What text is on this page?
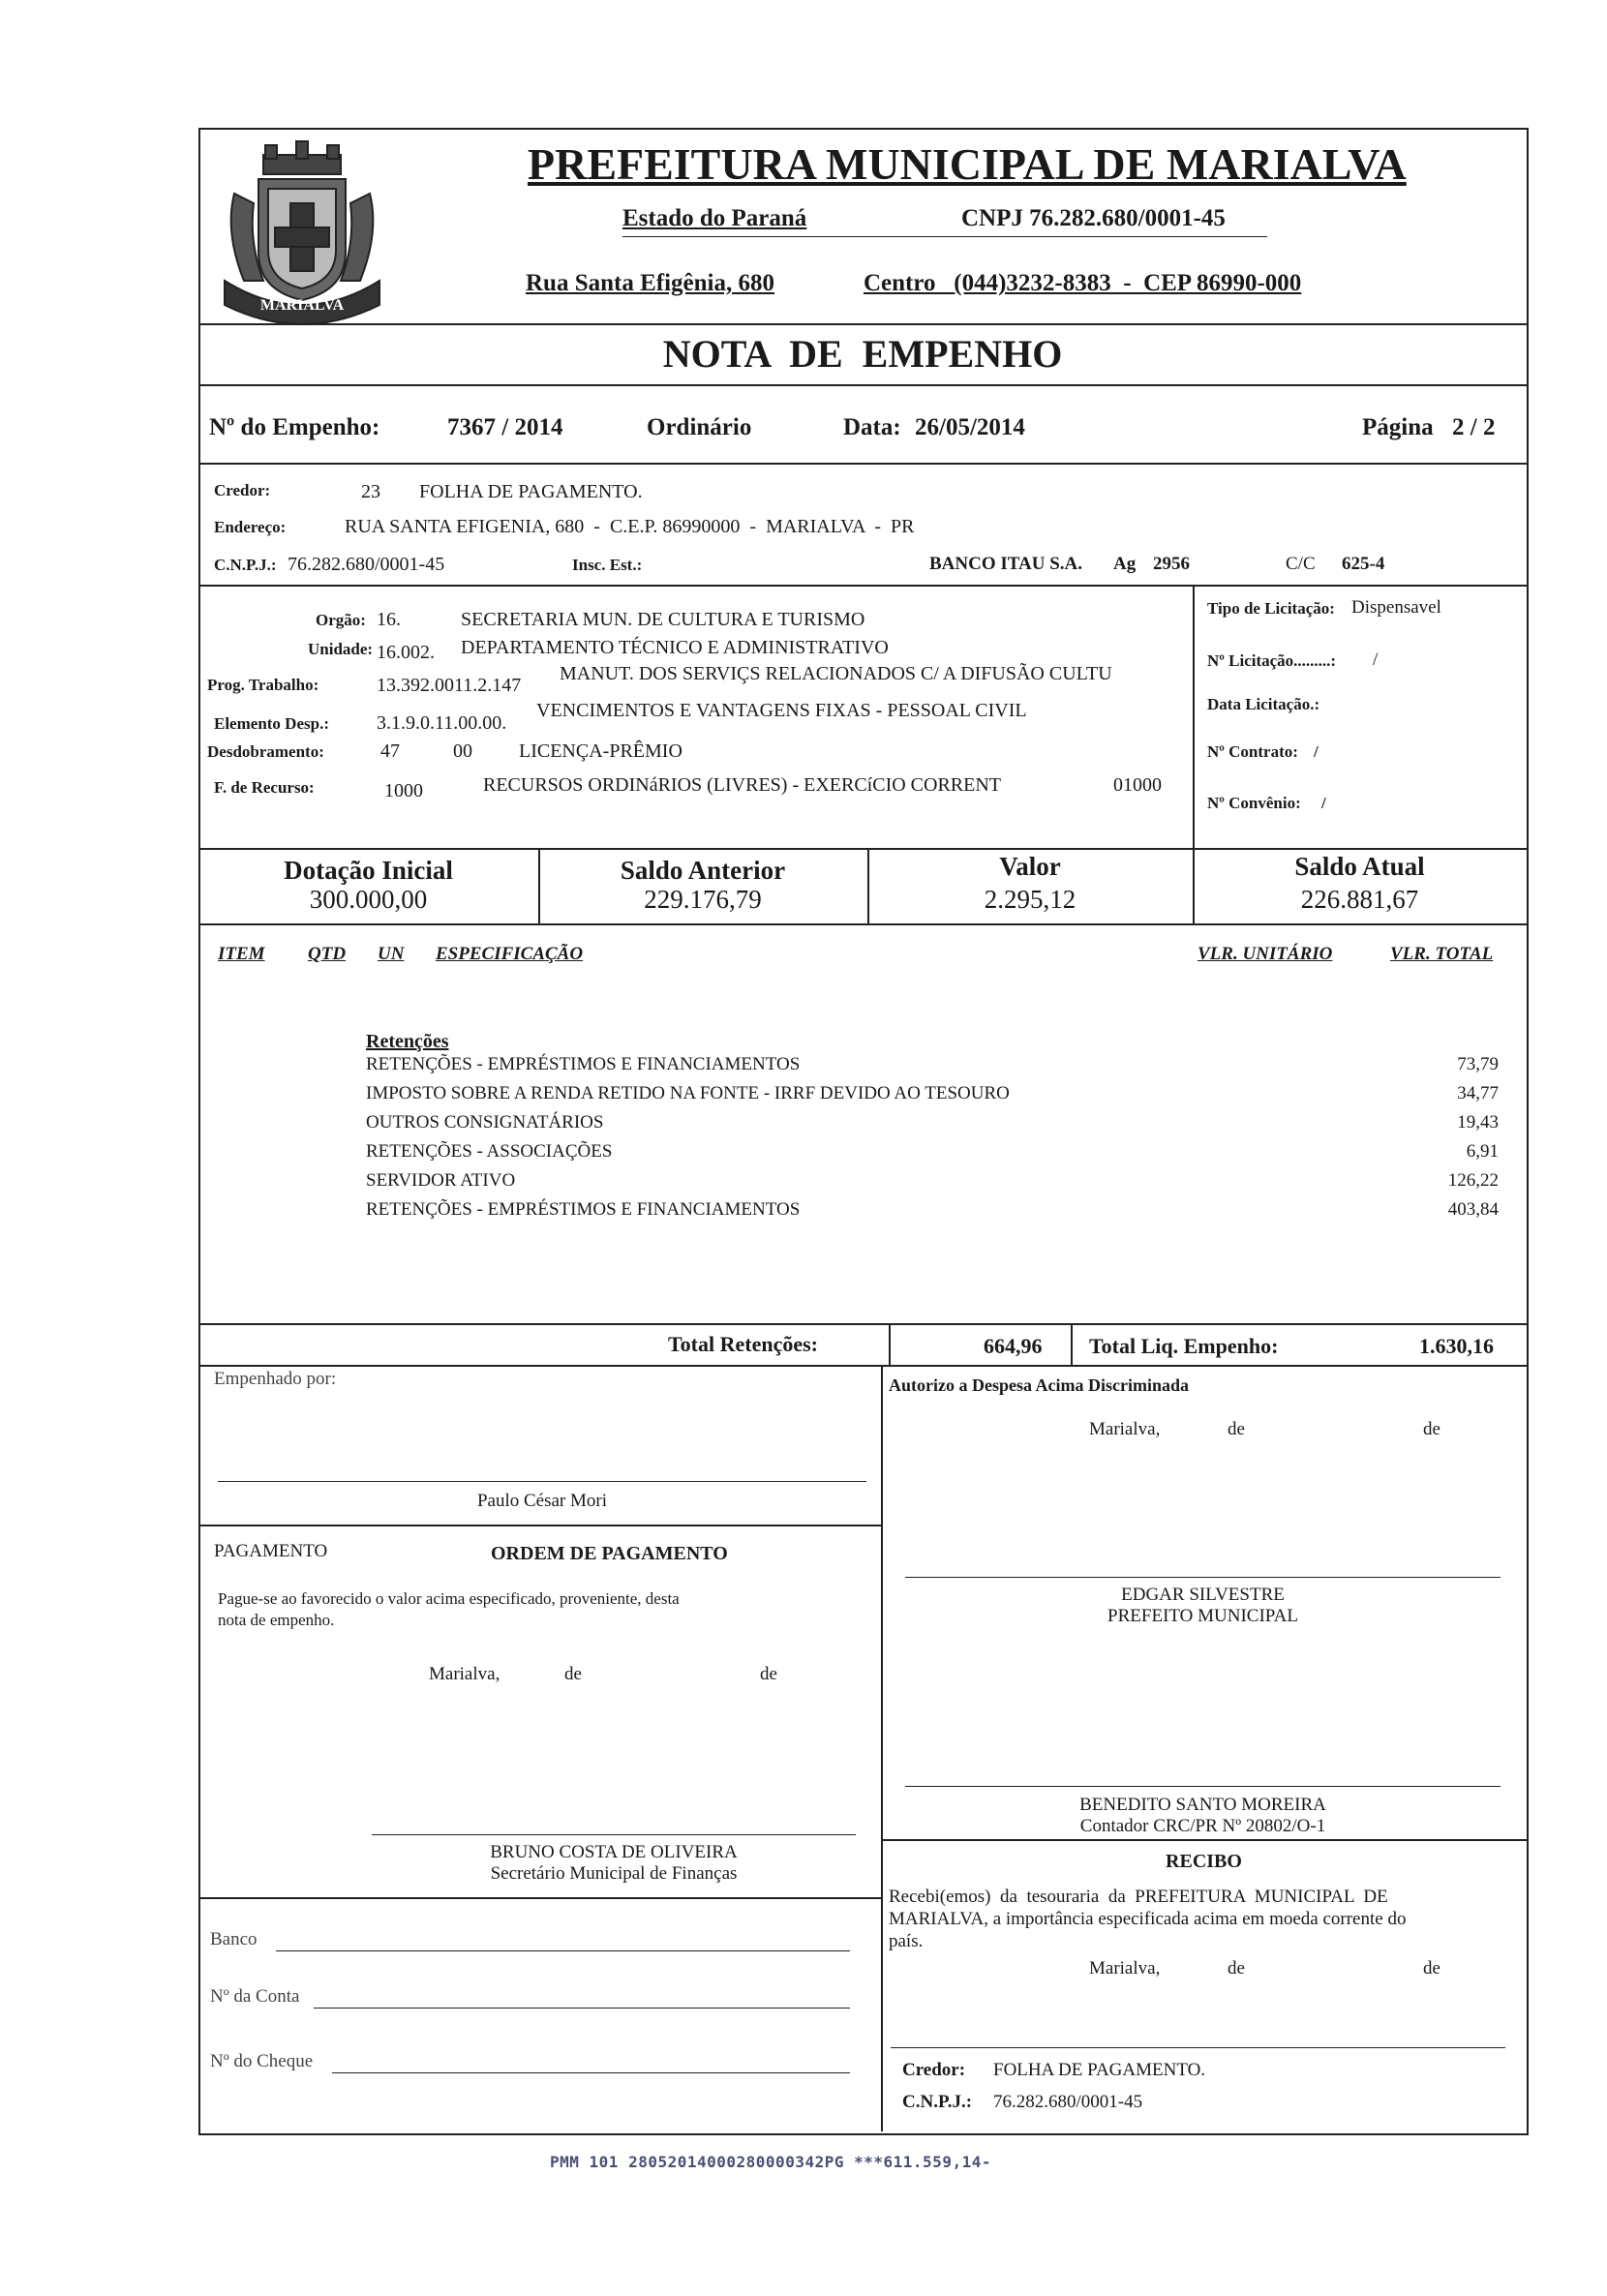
MARIALVA
PREFEITURA MUNICIPAL DE MARIALVA
Estado do Paraná	CNPJ 76.282.680/0001-45
Rua Santa Efigênia, 680	Centro   (044)3232-8383  -  CEP 86990-000
NOTA  DE  EMPENHO
Nº do Empenho:	7367 / 2014	Ordinário	Data: 26/05/2014	Página 2 / 2
Credor:	23 FOLHA DE PAGAMENTO.
Endereço:	RUA SANTA EFIGENIA, 680  -  C.E.P. 86990000  -  MARIALVA  -  PR
C.N.P.J.: 76.282.680/0001-45	Insc. Est.:	BANCO ITAU S.A. Ag 2956	C/C 625-4
Orgão: 16.	SECRETARIA MUN. DE CULTURA E TURISMO
Unidade: 16.002. DEPARTAMENTO TÉCNICO E ADMINISTRATIVO
Prog. Trabalho:	13.392.0011.2.147
MANUT. DOS SERVIÇS RELACIONADOS C/ A DIFUSÃO CULTU
Elemento Desp.: 3.1.9.0.11.00.00.
VENCIMENTOS E VANTAGENS FIXAS - PESSOAL CIVIL
Desdobramento:	47	00 LICENÇA-PRÊMIO
F. de Recurso:	1000	RECURSOS ORDINáRIOS (LIVRES) - EXERCíCIO CORRENT	01000
Tipo de Licitação: Dispensavel
Nº Licitação.........: /
Data Licitação.:
Nº Contrato: /
Nº Convênio: /
Dotação Inicial
300.000,00
Saldo Anterior
229.176,79
Valor
2.295,12
Saldo Atual
226.881,67
ITEM QTD UN ESPECIFICAÇÃO	VLR. UNITÁRIO	VLR. TOTAL
Retenções
RETENÇÕES - EMPRÉSTIMOS E FINANCIAMENTOS	73,79
IMPOSTO SOBRE A RENDA RETIDO NA FONTE - IRRF DEVIDO AO TESOURO	34,77
OUTROS CONSIGNATÁRIOS	19,43
RETENÇÕES - ASSOCIAÇÕES	6,91
SERVIDOR ATIVO	126,22
RETENÇÕES - EMPRÉSTIMOS E FINANCIAMENTOS	403,84
Total Retenções:	664,96 Total Liq. Empenho:	1.630,16
Empenhado por:
Paulo César Mori
Autorizo a Despesa Acima Discriminada
Marialva,	de	de
PAGAMENTO	ORDEM DE PAGAMENTO
Pague-se ao favorecido o valor acima especificado, proveniente, desta
nota de empenho.
Marialva,	de	de
EDGAR SILVESTRE
PREFEITO MUNICIPAL
BENEDITO SANTO MOREIRA
Contador CRC/PR Nº 20802/O-1
BRUNO COSTA DE OLIVEIRA
Secretário Municipal de Finanças
Banco
Nº da Conta
Nº do Cheque
RECIBO
Recebi(emos)  da  tesouraria  da  PREFEITURA  MUNICIPAL  DE
MARIALVA, a importância especificada acima em moeda corrente do
país.
Marialva,	de	de
Credor: FOLHA DE PAGAMENTO.
C.N.P.J.: 76.282.680/0001-45
PMM 101 28052014000280000342PG ***611.559,14-
